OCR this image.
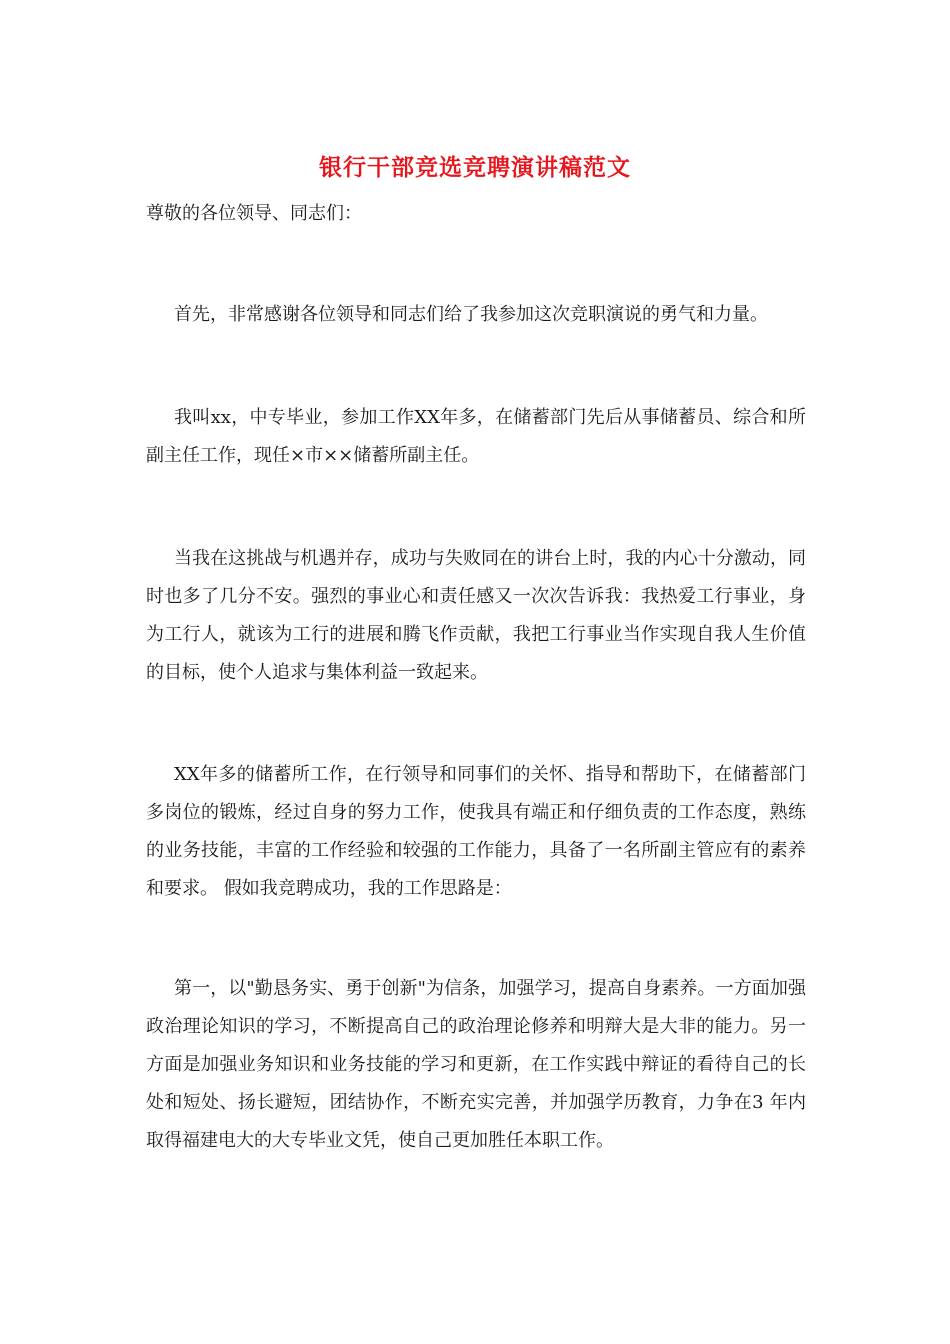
银行干部竞选竞聘演讲稿范文
尊敬的各位领导、同志们：

首先，非常感谢各位领导和同志们给了我参加这次竞职演说的勇气和力量。

我叫xx，中专毕业，参加工作XX年多，在储蓄部门先后从事储蓄员、综合和所副主任工作，现任×市××储蓄所副主任。

当我在这挑战与机遇并存，成功与失败同在的讲台上时，我的内心十分激动，同时也多了几分不安。强烈的事业心和责任感又一次次告诉我：我热爱工行事业，身为工行人，就该为工行的进展和腾飞作贡献，我把工行事业当作实现自我人生价值的目标，使个人追求与集体利益一致起来。

XX年多的储蓄所工作，在行领导和同事们的关怀、指导和帮助下，在储蓄部门多岗位的锻炼，经过自身的努力工作，使我具有端正和仔细负责的工作态度，熟练的业务技能，丰富的工作经验和较强的工作能力，具备了一名所副主管应有的素养和要求。 假如我竞聘成功，我的工作思路是：

第一，以"勤恳务实、勇于创新"为信条，加强学习，提高自身素养。一方面加强政治理论知识的学习，不断提高自己的政治理论修养和明辩大是大非的能力。另一方面是加强业务知识和业务技能的学习和更新，在工作实践中辩证的看待自己的长处和短处、扬长避短，团结协作，不断充实完善，并加强学历教育，力争在3 年内取得福建电大的大专毕业文凭，使自己更加胜任本职工作。
